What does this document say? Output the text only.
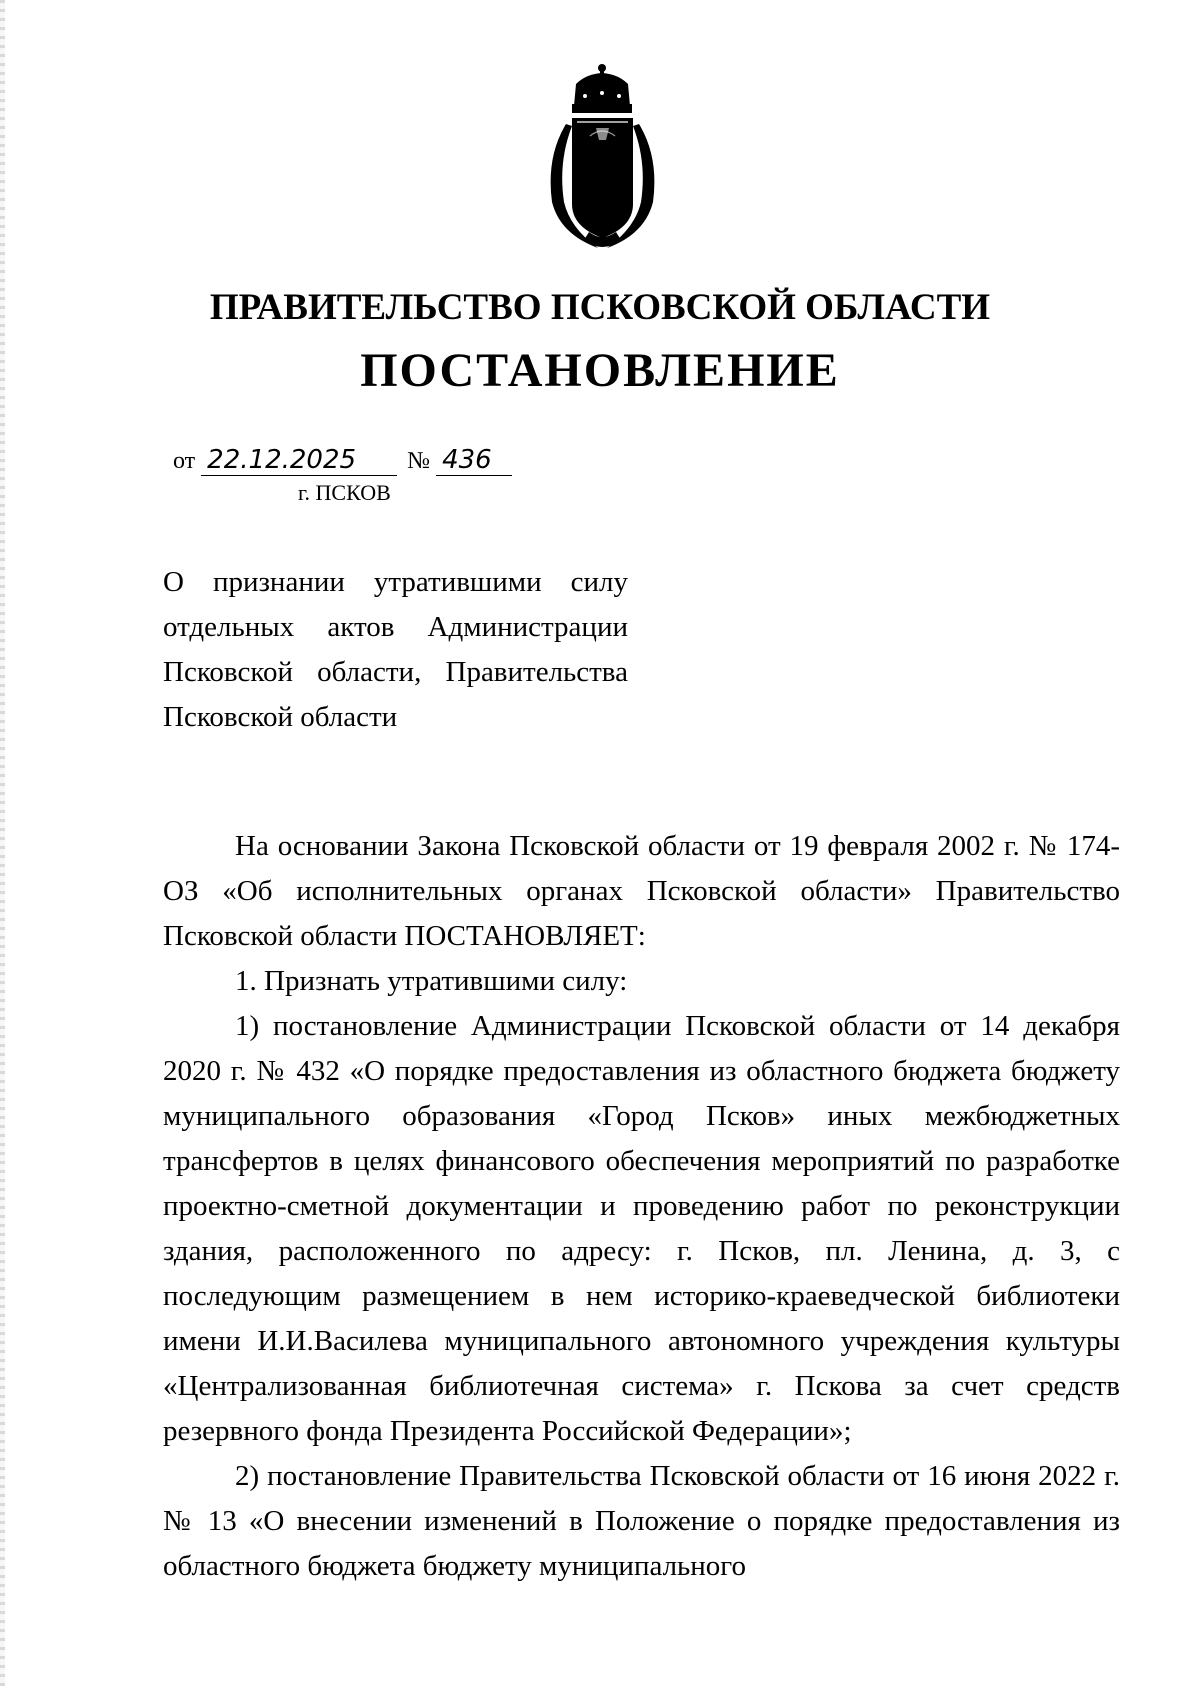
ПРАВИТЕЛЬСТВО ПСКОВСКОЙ ОБЛАСТИ
ПОСТАНОВЛЕНИЕ
от 22.12.2025 № 436
г. ПСКОВ
О признании утратившими силу
отдельных актов Администрации
Псковской области, Правительства
Псковской области

На основании Закона Псковской области от 19 февраля 2002 г. № 174-ОЗ «Об исполнительных органах Псковской области» Правительство Псковской области ПОСТАНОВЛЯЕТ:

1. Признать утратившими силу:

1) постановление Администрации Псковской области от 14 декабря 2020 г. № 432 «О порядке предоставления из областного бюджета бюджету муниципального образования «Город Псков» иных межбюджетных трансфертов в целях финансового обеспечения мероприятий по разработке проектно-сметной документации и проведению работ по реконструкции здания, расположенного по адресу: г. Псков, пл. Ленина, д. 3, с последующим размещением в нем историко-краеведческой библиотеки имени И.И.Василева муниципального автономного учреждения культуры «Централизованная библиотечная система» г. Пскова за счет средств резервного фонда Президента Российской Федерации»;

2) постановление Правительства Псковской области от 16 июня 2022 г. № 13 «О внесении изменений в Положение о порядке предоставления из областного бюджета бюджету муниципального
